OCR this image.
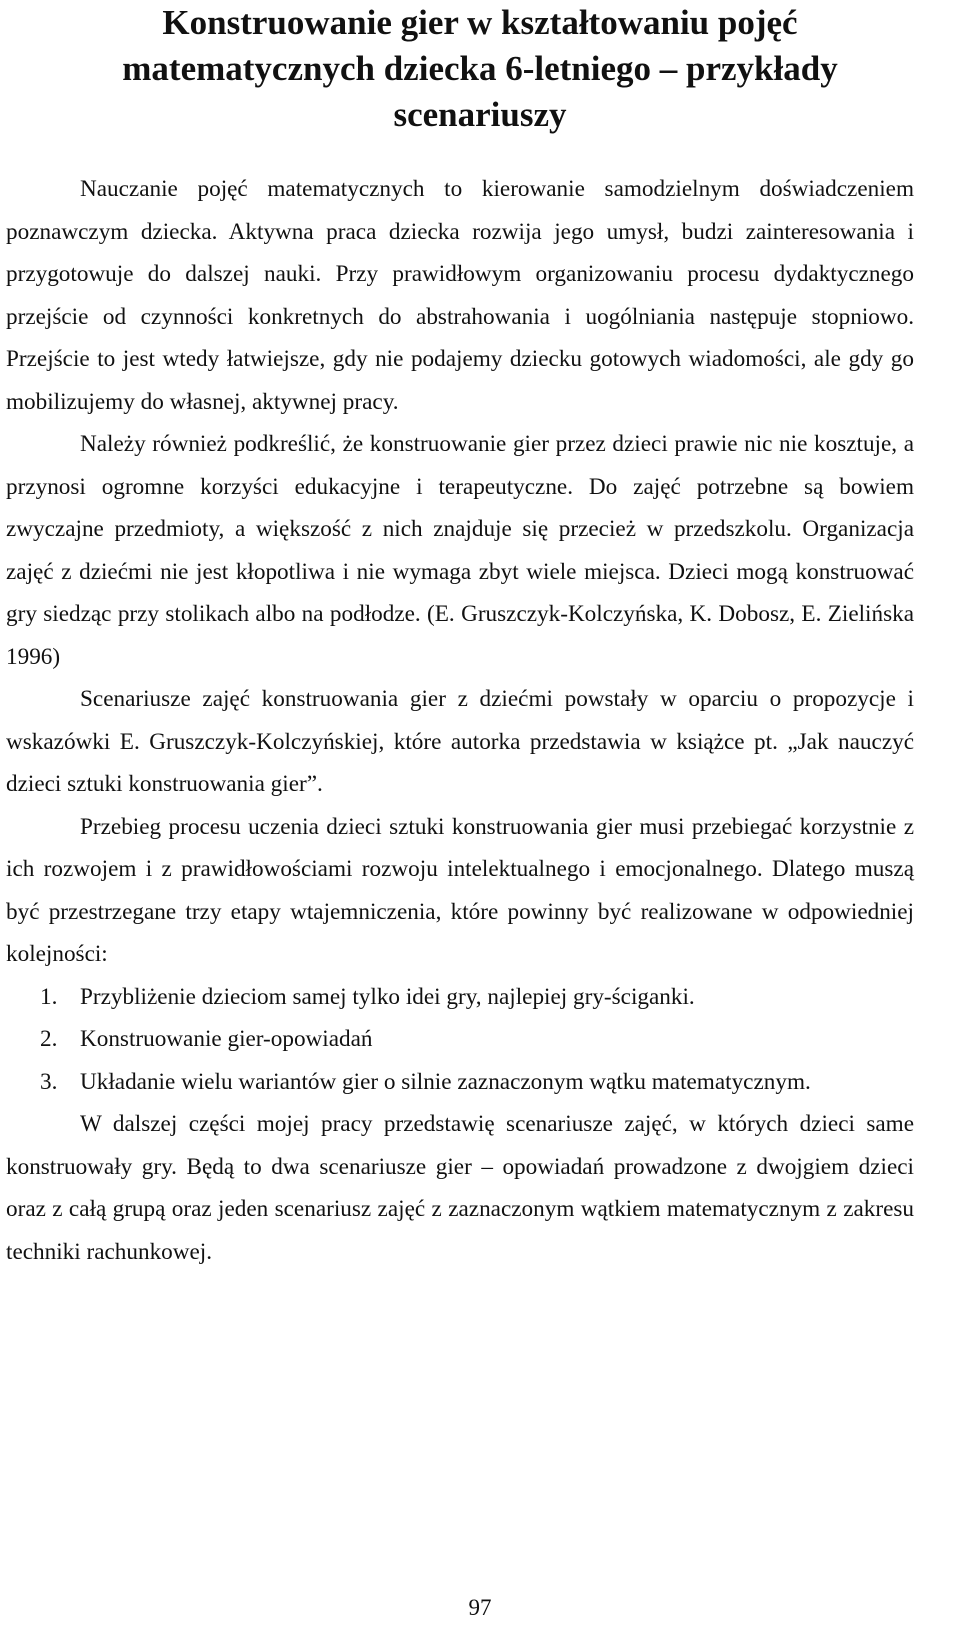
Konstruowanie gier w kształtowaniu pojęć
matematycznych dziecka 6-letniego – przykłady
scenariuszy

Nauczanie pojęć matematycznych to kierowanie samodzielnym doświadczeniem poznawczym dziecka. Aktywna praca dziecka rozwija jego umysł, budzi zainteresowania i przygotowuje do dalszej nauki. Przy prawidłowym organizowaniu procesu dydaktycznego przejście od czynności konkretnych do abstrahowania i uogólniania następuje stopniowo. Przejście to jest wtedy łatwiejsze, gdy nie podajemy dziecku gotowych wiadomości, ale gdy go mobilizujemy do własnej, aktywnej pracy.

Należy również podkreślić, że konstruowanie gier przez dzieci prawie nic nie kosztuje, a przynosi ogromne korzyści edukacyjne i terapeutyczne. Do zajęć potrzebne są bowiem zwyczajne przedmioty, a większość z nich znajduje się przecież w przedszkolu. Organizacja zajęć z dziećmi nie jest kłopotliwa i nie wymaga zbyt wiele miejsca. Dzieci mogą konstruować gry siedząc przy stolikach albo na podłodze. (E. Gruszczyk-Kolczyńska, K. Dobosz, E. Zielińska 1996)

Scenariusze zajęć konstruowania gier z dziećmi powstały w oparciu o propozycje i wskazówki E. Gruszczyk-Kolczyńskiej, które autorka przedstawia w książce pt. „Jak nauczyć dzieci sztuki konstruowania gier”.

Przebieg procesu uczenia dzieci sztuki konstruowania gier musi przebiegać korzystnie z ich rozwojem i z prawidłowościami rozwoju intelektualnego i emocjonalnego. Dlatego muszą być przestrzegane trzy etapy wtajemniczenia, które powinny być realizowane w odpowiedniej kolejności:

1. Przybliżenie dzieciom samej tylko idei gry, najlepiej gry-ściganki.
2. Konstruowanie gier-opowiadań
3. Układanie wielu wariantów gier o silnie zaznaczonym wątku matematycznym.

W dalszej części mojej pracy przedstawię scenariusze zajęć, w których dzieci same konstruowały gry. Będą to dwa scenariusze gier – opowiadań prowadzone z dwojgiem dzieci oraz z całą grupą oraz jeden scenariusz zajęć z zaznaczonym wątkiem matematycznym z zakresu techniki rachunkowej.

97
